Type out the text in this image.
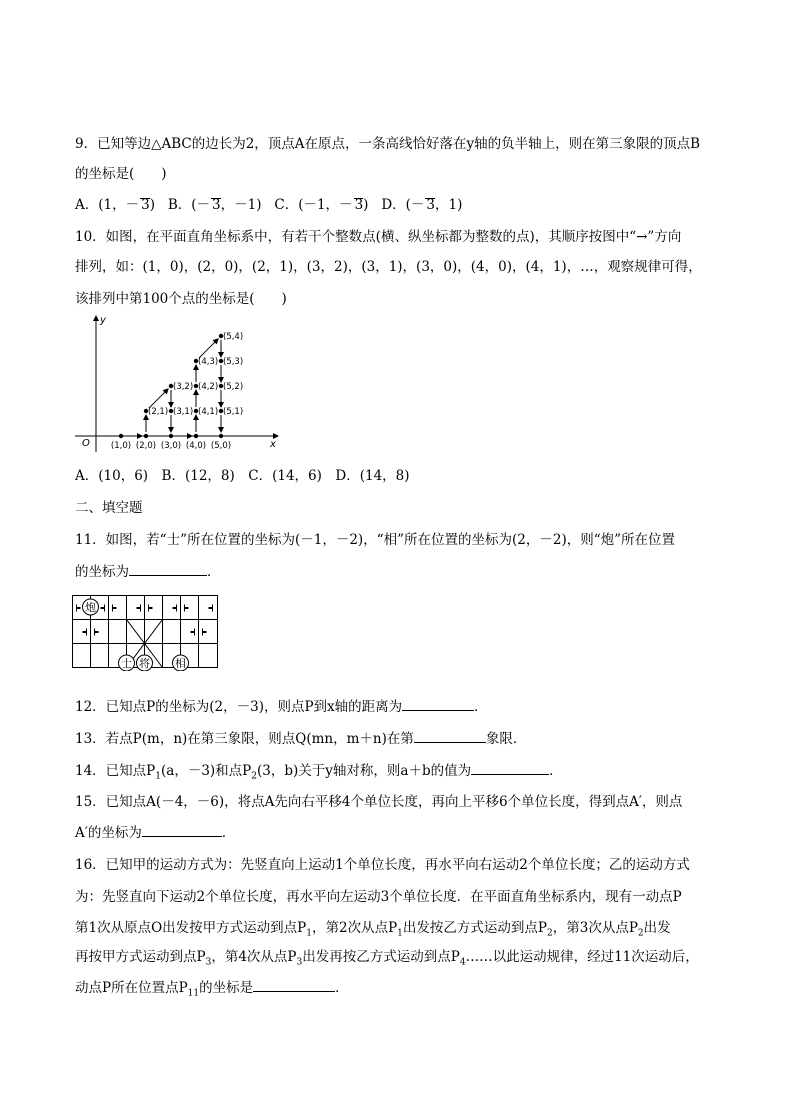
9．已知等边△ABC的边长为2，顶点A在原点，一条高线恰好落在y轴的负半轴上，则在第三象限的顶点B
的坐标是(　　)
A．(1，－ 3) B．(－ 3，－1) C．(－1，－ 3) D．(－ 3，1)
10．如图，在平面直角坐标系中，有若干个整数点(横、纵坐标都为整数的点)，其顺序按图中“→”方向
排列，如：(1，0)，(2，0)，(2，1)，(3，2)，(3，1)，(3，0)，(4，0)，(4，1)，…，观察规律可得，
该排列中第100个点的坐标是(　　)
y
x
O (1,0) (2,0)
(2,1)
(3,2)
(3,1)
(3,0) (4,0)
(4,1)
(4,2)
(4,3)
(5,4)
(5,3)
(5,2)
(5,1)
(5,0)
A．(10，6)　B．(12，8)　C．(14，6)　D．(14，8)
二、填空题
11．如图，若“士”所在位置的坐标为(－1，－2)，“相”所在位置的坐标为(2，－2)，则“炮”所在位置
的坐标为	．
炮
士 将 相
12．已知点P的坐标为(2，－3)，则点P到x轴的距离为	．
13．若点P(m，n)在第三象限，则点Q(mn，m＋n)在第	象限．
14．已知点$P_1(a$，－3)和点$P_2(3$，b)关于y轴对称，则a＋b的值为	．
15．已知点A(－4，－6)，将点A先向右平移4个单位长度，再向上平移6个单位长度，得到点A′，则点
A′的坐标为	．
16．已知甲的运动方式为：先竖直向上运动1个单位长度，再水平向右运动2个单位长度；乙的运动方式
为：先竖直向下运动2个单位长度，再水平向左运动3个单位长度．在平面直角坐标系内，现有一动点P
第1次从原点O出发按甲方式运动到点$P_1$，第2次从点$P_1$出发按乙方式运动到点$P_2$，第3次从点$P_2$出发
再按甲方式运动到点$P_3$，第4次从点$P_3$出发再按乙方式运动到点$P_4\dots\dots$以此运动规律，经过11次运动后，
动点P所在位置点$P_{11}$的坐标是	．
